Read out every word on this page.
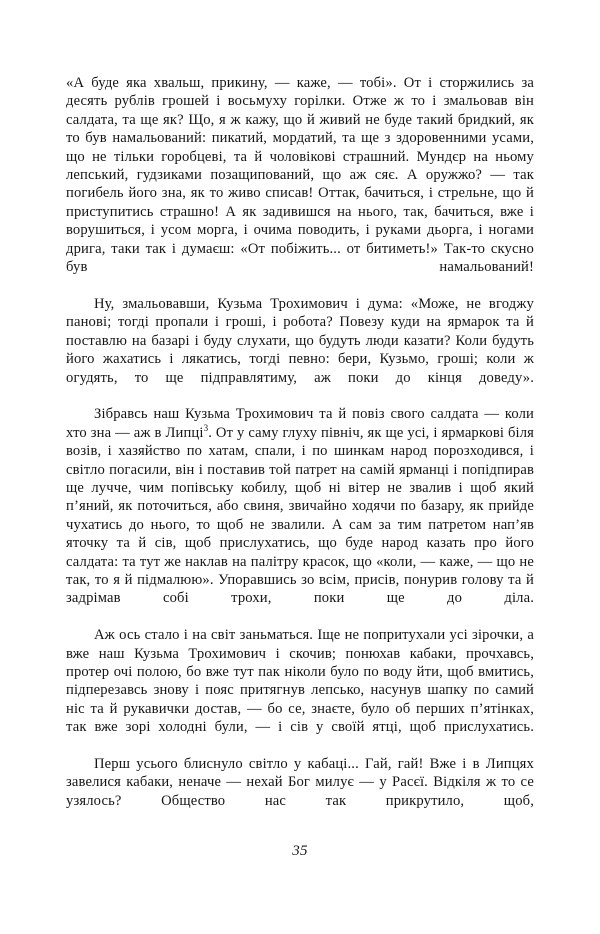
«А буде яка хвальш, прикину, — каже, — тобі». От і сторжились за десять рублів грошей і восьмуху горілки. Отже ж то і змальовав він салдата, та ще як? Що, я ж кажу, що й живий не буде такий бридкий, як то був намальований: пикатий, мордатий, та ще з здоровенними усами, що не тільки горобцеві, та й чоловікові страшний. Мундєр на ньому лепський, гудзиками позащипований, що аж сяє. А оружжо? — так погибель його зна, як то живо списав! Оттак, бачиться, і стрельне, що й приступитись страшно! А як задивишся на нього, так, бачиться, вже і ворушиться, і усом морга, і очима поводить, і руками дьорга, і ногами дрига, таки так і думаєш: «От побіжить... от битиметь!» Так-то скусно був намальований!

Ну, змальовавши, Кузьма Трохимович і дума: «Може, не вгоджу панові; тогді пропали і гроші, і робота? Повезу куди на ярмарок та й поставлю на базарі і буду слухати, що будуть люди казати? Коли будуть його жахатись і лякатись, тогді певно: бери, Кузьмо, гроші; коли ж огудять, то ще підправлятиму, аж поки до кінця доведу».

Зібравсь наш Кузьма Трохимович та й повіз свого салдата — коли хто зна — аж в Липці$^3$. От у саму глуху північ, як ще усі, і ярмаркові біля возів, і хазяйство по хатам, спали, і по шинкам народ порозходився, і світло погасили, він і поставив той патрет на самій ярманці і попідпирав ще лучче, чим попівську кобилу, щоб ні вітер не звалив і щоб який п’яний, як поточиться, або свиня, звичайно ходячи по базару, як прийде чухатись до нього, то щоб не звалили. А сам за тим патретом нап’яв яточку та й сів, щоб прислухатись, що буде народ казать про його салдата: та тут же наклав на палітру красок, що «коли, — каже, — що не так, то я й підмалюю». Упоравшись зо всім, присів, понурив голову та й задрімав собі трохи, поки ще до діла.

Аж ось стало і на світ заньматься. Іще не попритухали усі зірочки, а вже наш Кузьма Трохимович і скочив; понюхав кабаки, прочхавсь, протер очі полою, бо вже тут пак ніколи було по воду йти, щоб вмитись, підперезавсь знову і пояс притягнув лепсько, насунув шапку по самий ніс та й рукавички достав, — бо се, знаєте, було об перших п’ятінках, так вже зорі холодні були, — і сів у своїй ятці, щоб прислухатись.

Перш усього блиснуло світло у кабаці... Гай, гай! Вже і в Липцях завелися кабаки, неначе — нехай Бог милує — у Расєї. Відкіля ж то се узялось? Общество нас так прикрутило, щоб,

35
